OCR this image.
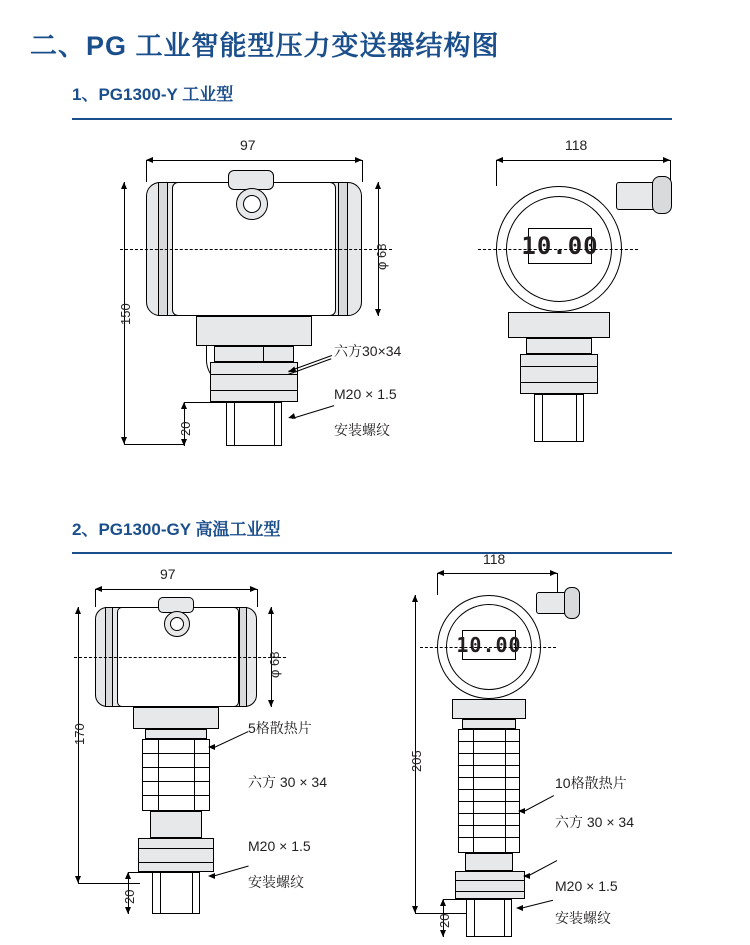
二、PG 工业智能型压力变送器结构图
1、PG1300-Y 工业型
2、PG1300-GY 高温工业型
97
φ 68
150
20
六方30×34
M20 × 1.5
安装螺纹
118
10.00
97
φ 68
170
20
5格散热片
六方 30 × 34
M20 × 1.5
安装螺纹
118
10.00
205
20
10格散热片
六方 30 × 34
M20 × 1.5
安装螺纹
